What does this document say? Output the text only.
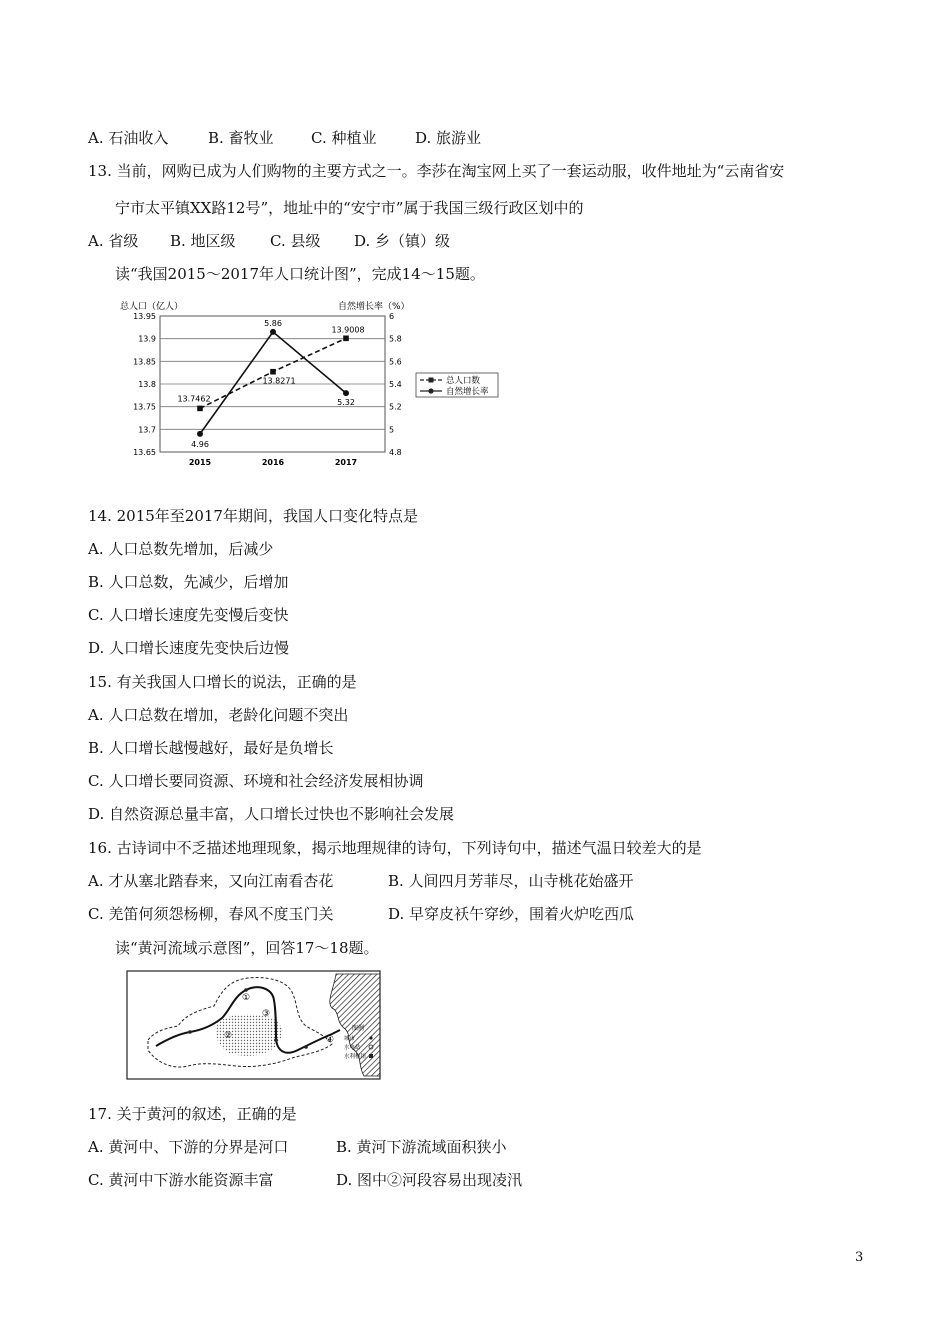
A. 石油收入	B. 畜牧业 C. 种植业	D. 旅游业
13. 当前，网购已成为人们购物的主要方式之一。李莎在淘宝网上买了一套运动服，收件地址为“云南省安
宁市太平镇XX路12号”，地址中的“安宁市”属于我国三级行政区划中的
A. 省级 B. 地区级 C. 县级 D. 乡（镇）级
读“我国2015～2017年人口统计图”，完成14～15题。
总人口（亿人）	自然增长率（%）
13.95
13.9
13.85
13.8
13.75
13.7
13.65
6
5.8
5.6
5.4
5.2
5
4.8
2015	2016	2017
13.7462
13.8271
13.9008
4.96
5.86
5.32
总人口数
自然增长率
14. 2015年至2017年期间，我国人口变化特点是
A. 人口总数先增加，后减少
B. 人口总数，先减少，后增加
C. 人口增长速度先变慢后变快
D. 人口增长速度先变快后边慢
15. 有关我国人口增长的说法，正确的是
A. 人口总数在增加，老龄化问题不突出
B. 人口增长越慢越好，最好是负增长
C. 人口增长要同资源、环境和社会经济发展相协调
D. 自然资源总量丰富，人口增长过快也不影响社会发展
16. 古诗词中不乏描述地理现象，揭示地理规律的诗句，下列诗句中，描述气温日较差大的是
A. 才从塞北踏春来，又向江南看杏花	B. 人间四月芳菲尽，山寺桃花始盛开
C. 羌笛何须怨杨柳，春风不度玉门关	D. 早穿皮袄午穿纱，围着火炉吃西瓜
读“黄河流域示意图”，回答17～18题。
①
②
③
④
图例
城市
水电站
水利枢纽
17. 关于黄河的叙述，正确的是
A. 黄河中、下游的分界是河口	B. 黄河下游流域面积狭小
C. 黄河中下游水能资源丰富	D. 图中②河段容易出现凌汛
3
